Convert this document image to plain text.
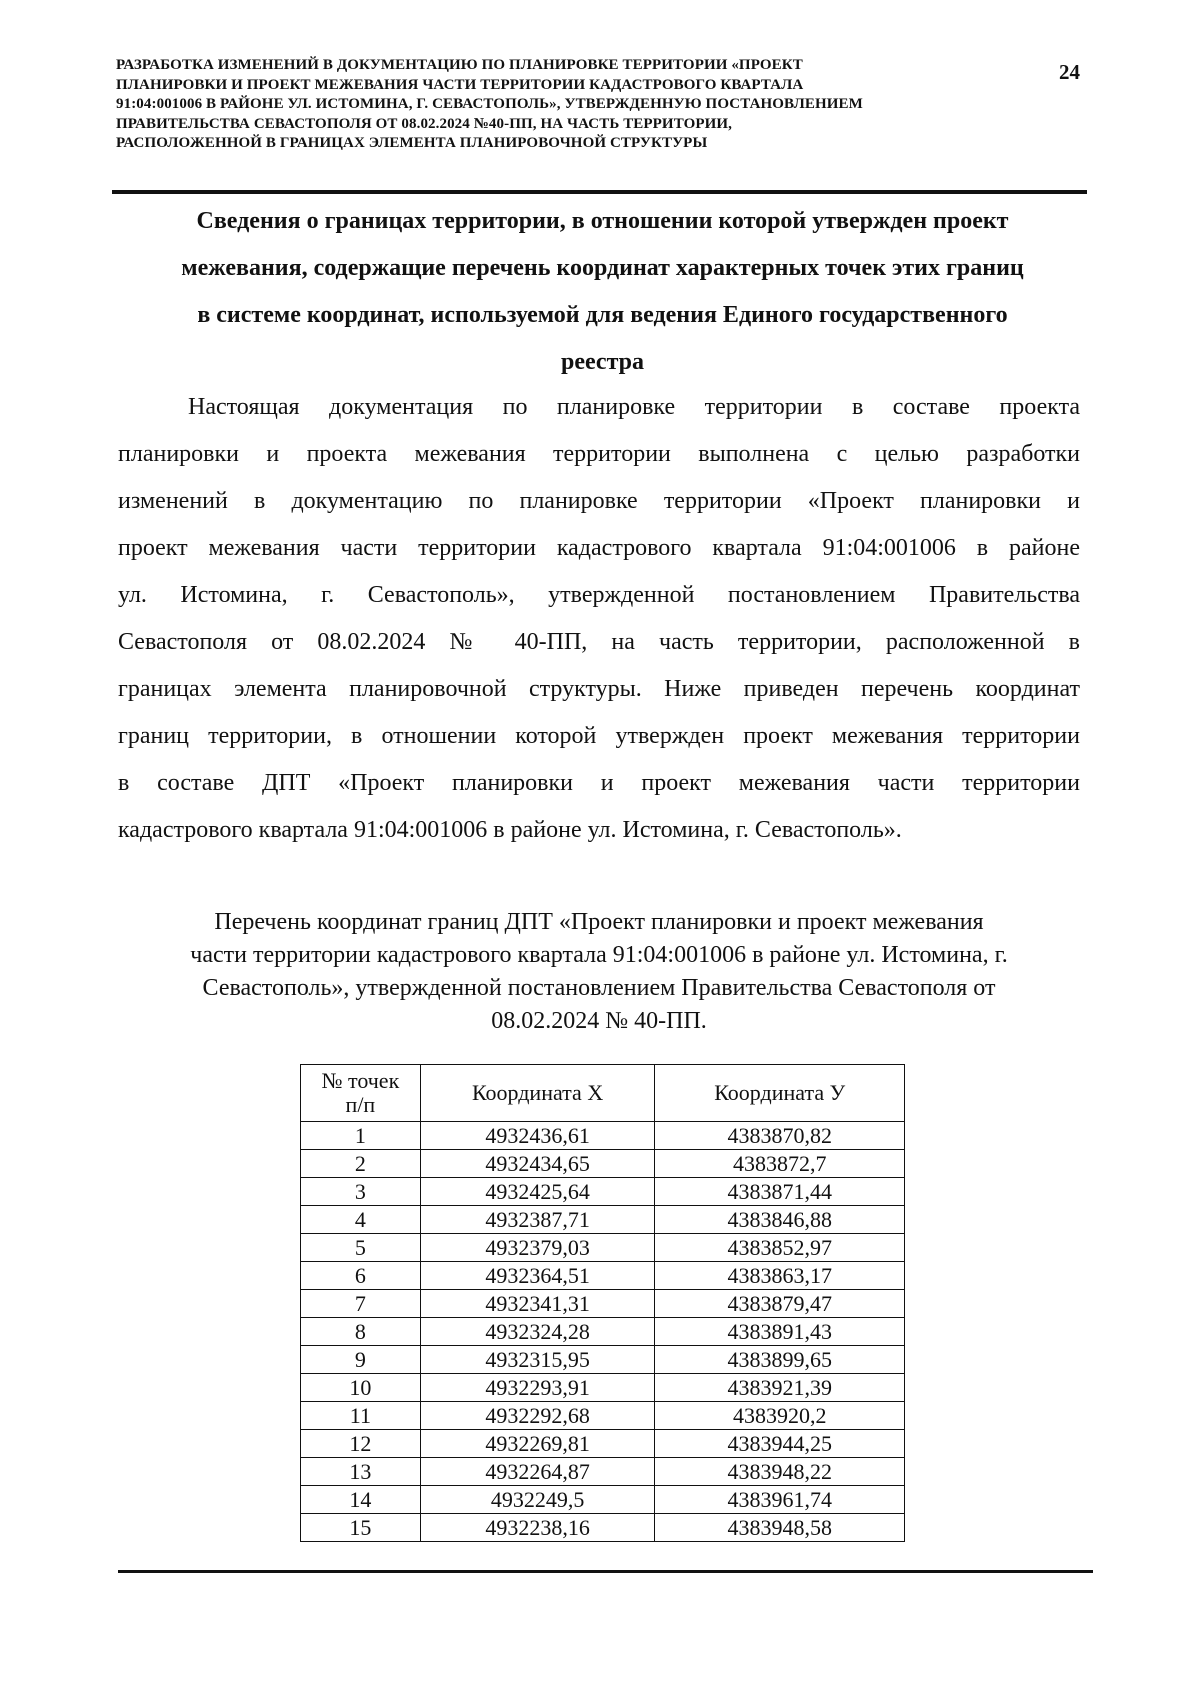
РАЗРАБОТКА ИЗМЕНЕНИЙ В ДОКУМЕНТАЦИЮ ПО ПЛАНИРОВКЕ ТЕРРИТОРИИ «ПРОЕКТ
ПЛАНИРОВКИ И ПРОЕКТ МЕЖЕВАНИЯ ЧАСТИ ТЕРРИТОРИИ КАДАСТРОВОГО КВАРТАЛА
91:04:001006 В РАЙОНЕ УЛ. ИСТОМИНА, Г. СЕВАСТОПОЛЬ», УТВЕРЖДЕННУЮ ПОСТАНОВЛЕНИЕМ
ПРАВИТЕЛЬСТВА СЕВАСТОПОЛЯ ОТ 08.02.2024 №40-ПП, НА ЧАСТЬ ТЕРРИТОРИИ,
РАСПОЛОЖЕННОЙ В ГРАНИЦАХ ЭЛЕМЕНТА ПЛАНИРОВОЧНОЙ СТРУКТУРЫ
24
Сведения о границах территории, в отношении которой утвержден проект
межевания, содержащие перечень координат характерных точек этих границ
в системе координат, используемой для ведения Единого государственного
реестра
Настоящая документация по планировке территории в составе проекта
планировки и проекта межевания территории выполнена с целью разработки
изменений в документацию по планировке территории «Проект планировки и
проект межевания части территории кадастрового квартала 91:04:001006 в районе
ул. Истомина, г. Севастополь», утвержденной постановлением Правительства
Севастополя от 08.02.2024 № 40-ПП, на часть территории, расположенной в
границах элемента планировочной структуры. Ниже приведен перечень координат
границ территории, в отношении которой утвержден проект межевания территории
в составе ДПТ «Проект планировки и проект межевания части территории
кадастрового квартала 91:04:001006 в районе ул. Истомина, г. Севастополь».
Перечень координат границ ДПТ «Проект планировки и проект межевания
части территории кадастрового квартала 91:04:001006 в районе ул. Истомина, г.
Севастополь», утвержденной постановлением Правительства Севастополя от
08.02.2024 № 40-ПП.
№ точек
п/п	Координата X	Координата У
1	4932436,61	4383870,82
2	4932434,65	4383872,7
3	4932425,64	4383871,44
4	4932387,71	4383846,88
5	4932379,03	4383852,97
6	4932364,51	4383863,17
7	4932341,31	4383879,47
8	4932324,28	4383891,43
9	4932315,95	4383899,65
10	4932293,91	4383921,39
11	4932292,68	4383920,2
12	4932269,81	4383944,25
13	4932264,87	4383948,22
14	4932249,5	4383961,74
15	4932238,16	4383948,58
